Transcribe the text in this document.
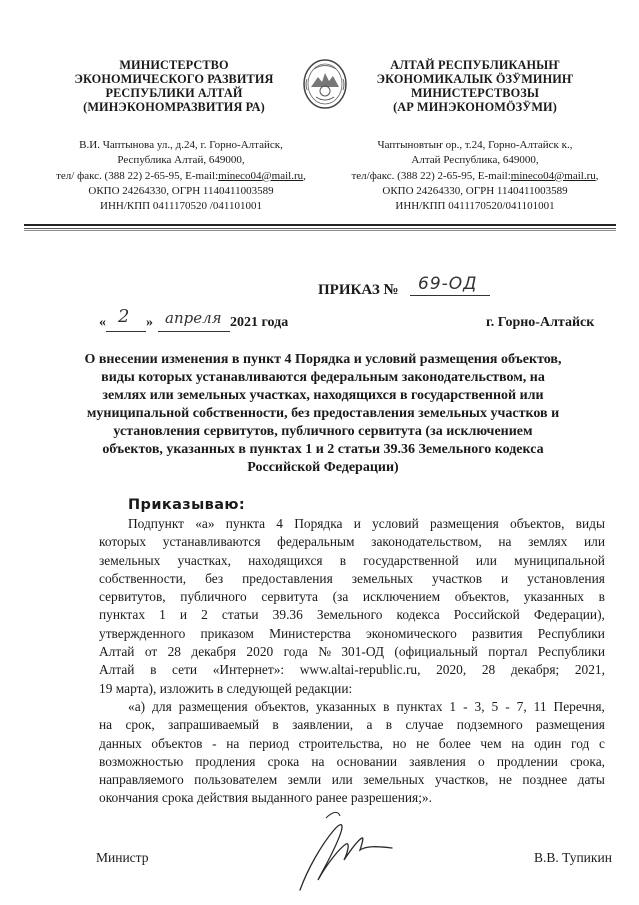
МИНИСТЕРСТВО
ЭКОНОМИЧЕСКОГО РАЗВИТИЯ
РЕСПУБЛИКИ АЛТАЙ
(МИНЭКОНОМРАЗВИТИЯ РА)
АЛТАЙ РЕСПУБЛИКАНЫҤ
ЭКОНОМИКАЛЫК ӦЗӰМИНИҤ
МИНИСТЕРСТВОЗЫ
(АР МИНЭКОНОМӦЗӰМИ)
В.И. Чаптыновa ул., д.24, г. Горно-Алтайск,
Республика Алтай, 649000,
тел/ факс. (388 22) 2-65-95, E-mail:mineco04@mail.ru,
ОКПО 24264330, ОГРН 1140411003589
ИНН/КПП 0411170520 /041101001
Чаптыновтыҥ ор., т.24, Горно-Алтайск к.,
Алтай Республика, 649000,
тел/факс. (388 22) 2-65-95, E-mail:mineco04@mail.ru,
ОКПО 24264330, ОГРН 1140411003589
ИНН/КПП 0411170520/041101001
ПРИКАЗ № 69-ОД
« 2 » апреля 2021 года	г. Горно-Алтайск
О внесении изменения в пункт 4 Порядка и условий размещения объектов,
виды которых устанавливаются федеральным законодательством, на
землях или земельных участках, находящихся в государственной или
муниципальной собственности, без предоставления земельных участков и
установления сервитутов, публичного сервитута (за исключением
объектов, указанных в пунктах 1 и 2 статьи 39.36 Земельного кодекса
Российской Федерации)
Приказываю:
Подпункт «а» пункта 4 Порядка и условий размещения объектов, виды
которых устанавливаются федеральным законодательством, на землях или
земельных участках, находящихся в государственной или муниципальной
собственности, без предоставления земельных участков и установления
сервитутов, публичного сервитута (за исключением объектов, указанных в
пунктах 1 и 2 статьи 39.36 Земельного кодекса Российской Федерации),
утвержденного приказом Министерства экономического развития Республики
Алтай от 28 декабря 2020 года № 301-ОД (официальный портал Республики
Алтай в сети «Интернет»: www.altai-republic.ru, 2020, 28 декабря; 2021,
19 марта), изложить в следующей редакции:
«а) для размещения объектов, указанных в пунктах 1 - 3, 5 - 7, 11 Перечня,
на срок, запрашиваемый в заявлении, а в случае подземного размещения
данных объектов - на период строительства, но не более чем на один год с
возможностью продления срока на основании заявления о продлении срока,
направляемого пользователем земли или земельных участков, не позднее даты
окончания срока действия выданного ранее разрешения;».
Министр	В.В. Тупикин
